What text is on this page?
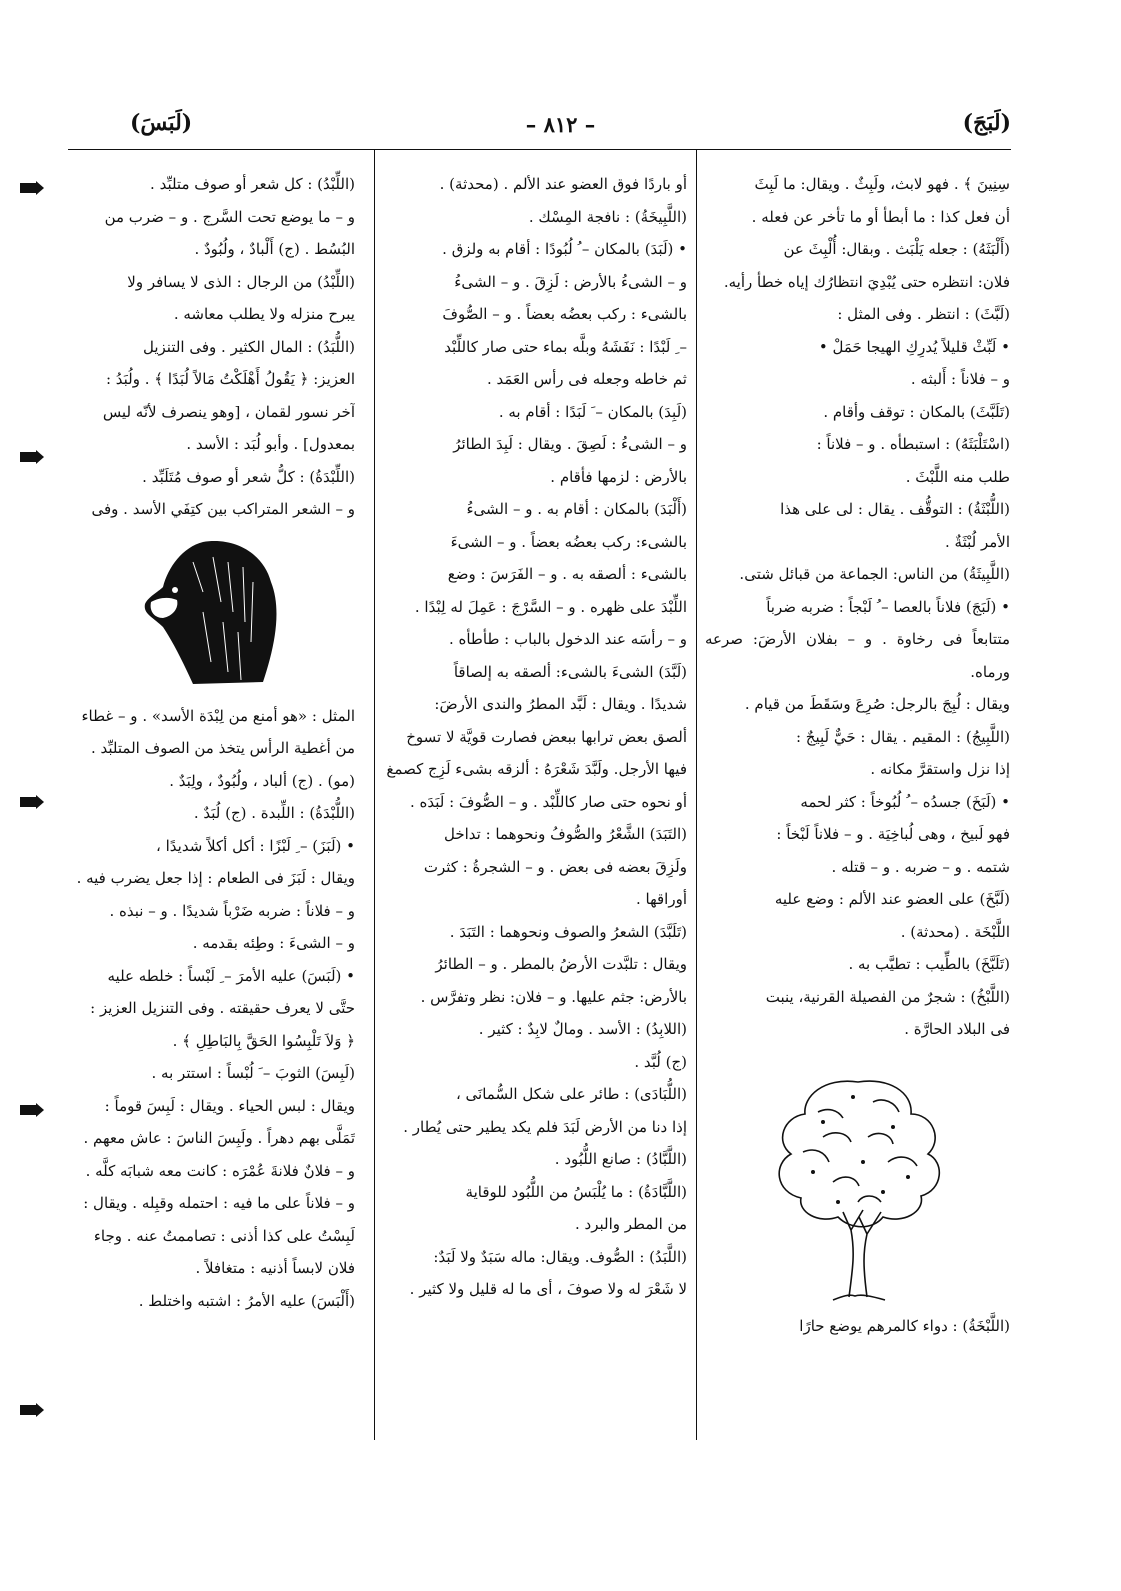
(لَبَجَ)
– ٨١٢ –
(لَبَسَ)

سِنِينَ ﴾ . فهو لابث، ولَبِثٌ . ويقال: ما لَبِثَ

أن فعل كذا : ما أبطأ أو ما تأخر عن فعله .

(أَلْبَثَهُ) : جعله يَلْبَث . وبقال: أُلْبِثَ عن

فلان: انتظره حتى يُبْدِيَ انتظارُك إياه خطأ رأيه.

(لَبَّثَ) : انتظر . وفى المثل :

• لَبِّثْ قليلاً يُدرِكِ الهيجا حَمَلْ •

و – فلاناً : أَلبثه .

(تَلَبَّثَ) بالمكان : توقف وأقام .

(اسْتَلْبَثَهُ) : استبطأه . و – فلاناً :

طلب منه اللَّبْثَ .

(اللُّبْثَةُ) : التوقُّف . يقال : لى على هذا

الأمر لُبْثَةٌ .

(اللَّبِيثَةُ) من الناس: الجماعة من قبائل شتى.

• (لَبَجَ) فلاناً بالعصا – ُ لَبْجاً : ضربه ضرباً

متتابعاً فى رخاوة . و – بفلان الأرضَ: صرعه ورماه.

ويقال : لُبِجَ بالرجل: صُرِعَ وسَقَطَ من قيام .

(اللَّبِيجُ) : المقيم . يقال : حَيٌّ لَبِيجٌ :

إذا نزل واستقرَّ مكانه .

• (لَبَخَ) جسدُه – ُ لُبُوخاً : كثر لحمه

فهو لَبيخ ، وهى لُباخِيَة . و – فلاناً لَبْخاً :

شتمه . و – ضربه . و – قتله .

(لَبَّخَ) على العضو عند الألم : وضع عليه

اللَّبْخَة . (محدثة) .

(تَلَبَّخَ) بالطِّيب : تطيَّب به .

(اللَّبْخُ) : شجرٌ من الفصيلة القرنية، ينبت

فى البلاد الحارَّة .

(اللَّبْخَةُ) : دواء كالمرهم يوضع حارًا

أو باردًا فوق العضو عند الألم . (محدثة) .

(اللَّبِيخَةُ) : نافجة المِسْك .

• (لَبَدَ) بالمكان – ُ لُبُودًا : أقام به ولزق .

و – الشىءُ بالأرض : لَزِقَ . و – الشىءُ

بالشىء : ركب بعضُه بعضاً . و – الصُّوفَ

– ِ لَبْدًا : نَفَشَهُ وبلَّه بماء حتى صار كاللِّبْد

ثم خاطه وجعله فى رأس العَمَد .

(لَبِدَ) بالمكان – َ لَبَدًا : أقام به .

و – الشىءُ : لَصِقَ . ويقال : لَبِدَ الطائرُ

بالأرض : لزمها فأقام .

(أَلْبَدَ) بالمكان : أقام به . و – الشىءُ

بالشىء: ركب بعضُه بعضاً . و – الشىءَ

بالشىء : ألصقه به . و – الفَرَسَ : وضع

اللِّبْدَ على ظهره . و – السَّرْجَ : عَمِلَ له لِبْدًا .

و – رأسَه عند الدخول بالباب : طأطأه .

(لَبَّدَ) الشىءَ بالشىء: ألصقه به إلصاقاً

شديدًا . ويقال : لَبَّد المطرُ والندى الأرضَ:

ألصق بعض ترابها ببعض فصارت قويَّة لا تسوخ

فيها الأرجل. ولَبَّدَ شَعْرَهُ : ألزقه بشىء لَزِج كصمغ

أو نحوه حتى صار كاللِّبْد . و – الصُّوفَ : لَبَدَه .

(التَبَدَ) الشَّعْرُ والصُّوفُ ونحوهما : تداخل

ولَزِقَ بعضه فى بعض . و – الشجرةُ : كثرت

أوراقها .

(تَلَبَّدَ) الشعرُ والصوف ونحوهما : التَبَدَ .

ويقال : تلبَّدت الأرضُ بالمطر . و – الطائرُ

بالأرض: جثم عليها. و – فلان: نظر وتفرَّس .

(اللابِدُ) : الأسد . ومالٌ لابِدٌ : كثير .

(ج) لُبَّد .

(اللُّبَادَى) : طائر على شكل السُّمانَى ،

إذا دنا من الأرض لَبَدَ فلم يكد يطير حتى يُطار .

(اللَّبَّادُ) : صانع اللُّبُود .

(اللَّبَّادَةُ) : ما يُلْبَسُ من اللُّبُود للوقاية

من المطر والبرد .

(اللَّبَدُ) : الصُّوف. ويقال: ماله سَبَدٌ ولا لَبَدٌ:

لا شَعْرَ له ولا صوفَ ، أى ما له قليل ولا كثير .

(اللِّبْدُ) : كل شعر أو صوف متلبِّد .

و – ما يوضع تحت السَّرج . و – ضرب من

البُسُط . (ج) أَلْبادٌ ، ولُبُودٌ .

(اللِّبْدُ) من الرجال : الذى لا يسافر ولا

يبرح منزله ولا يطلب معاشه .

(اللُّبَدُ) : المال الكثير . وفى التنزيل

العزيز: ﴿ يَقُولُ أَهْلَكْتُ مَالاً لُبَدًا ﴾ . ولُبَدُ :

آخر نسور لقمان ، [وهو ينصرف لأنّه ليس

بمعدول] . وأبو لُبَد : الأسد .

(اللِّبْدَةُ) : كلُّ شعر أو صوف مُتَلَبِّد .

و – الشعر المتراكب بين كتِفَي الأسد . وفى

المثل : «هو أمنع من لِبْدَة الأسد» . و – غطاء

من أغطية الرأس يتخذ من الصوف المتلبِّد .

(مو) . (ج) ألباد ، ولُبُودٌ ، ولِبَدٌ .

(اللُّبْدَةُ) : اللِّبدة . (ج) لُبَدٌ .

• (لَبَزَ) – ِ لَبْزًا : أكل أكلاً شديدًا ،

ويقال : لَبَزَ فى الطعام : إذا جعل يضرب فيه .

و – فلاناً : ضربه ضَرْباً شديدًا . و – نبذه .

و – الشىءَ : وطِئه بقدمه .

• (لَبَسَ) عليه الأمرَ – ِ لَبْساً : خلطه عليه

حتَّى لا يعرف حقيقته . وفى التنزيل العزيز :

﴿ وَلاَ تَلْبِسُوا الحَقَّ بِالبَاطِلِ ﴾ .

(لَبِسَ) الثوبَ – َ لُبْساً : استتر به .

ويقال : لبس الحياء . ويقال : لَبِسَ قوماً :

تَمَلَّى بهم دهراً . ولَبِسَ الناسَ : عاش معهم .

و – فلانٌ فلانةَ عُمْرَه : كانت معه شبابَه كلَّه .

و – فلاناً على ما فيه : احتمله وقبِله . ويقال :

لَبِسْتُ على كذا أذنى : تصاممتُ عنه . وجاء

فلان لابساً أذنيه : متغافلاً .

(أَلْبَسَ) عليه الأمرُ : اشتبه واختلط .
